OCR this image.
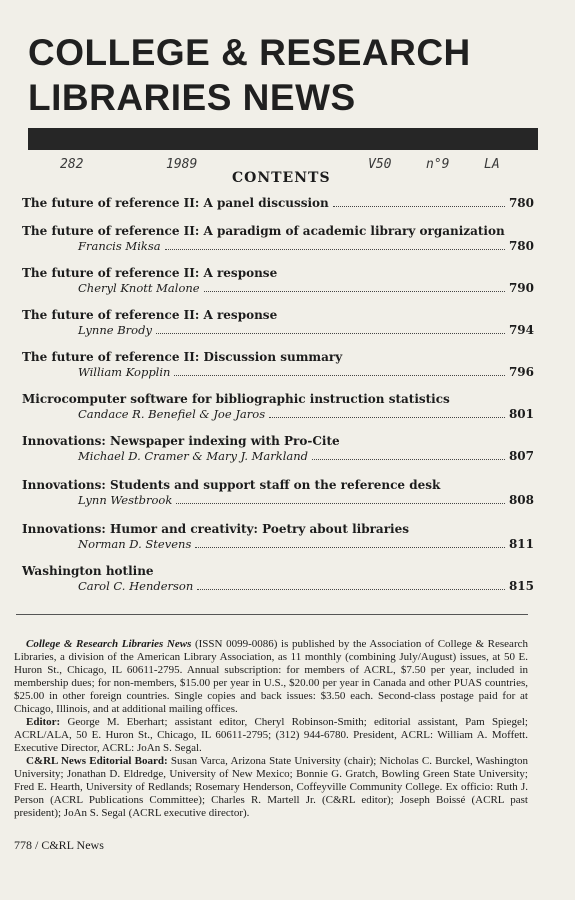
COLLEGE & RESEARCH
LIBRARIES NEWS
282	1989	V50	n°9	LA
CONTENTS
The future of reference II: A panel discussion	780
The future of reference II: A paradigm of academic library organization
Francis Miksa	780
The future of reference II: A response
Cheryl Knott Malone	790
The future of reference II: A response
Lynne Brody	794
The future of reference II: Discussion summary
William Kopplin	796
Microcomputer software for bibliographic instruction statistics
Candace R. Benefiel & Joe Jaros	801
Innovations: Newspaper indexing with Pro-Cite
Michael D. Cramer & Mary J. Markland	807
Innovations: Students and support staff on the reference desk
Lynn Westbrook	808
Innovations: Humor and creativity: Poetry about libraries
Norman D. Stevens	811
Washington hotline
Carol C. Henderson	815

College & Research Libraries News (ISSN 0099-0086) is published by the Association of College & Research Libraries, a division of the American Library Association, as 11 monthly (combining July/August) issues, at 50 E. Huron St., Chicago, IL 60611-2795. Annual subscription: for members of ACRL, $7.50 per year, included in membership dues; for non-members, $15.00 per year in U.S., $20.00 per year in Canada and other PUAS countries, $25.00 in other foreign countries. Single copies and back issues: $3.50 each. Second-class postage paid for at Chicago, Illinois, and at additional mailing offices.

Editor: George M. Eberhart; assistant editor, Cheryl Robinson-Smith; editorial assistant, Pam Spiegel; ACRL/ALA, 50 E. Huron St., Chicago, IL 60611-2795; (312) 944-6780. President, ACRL: William A. Moffett. Executive Director, ACRL: JoAn S. Segal.

C&RL News Editorial Board: Susan Varca, Arizona State University (chair); Nicholas C. Burckel, Washington University; Jonathan D. Eldredge, University of New Mexico; Bonnie G. Gratch, Bowling Green State University; Fred E. Hearth, University of Redlands; Rosemary Henderson, Coffeyville Community College. Ex officio: Ruth J. Person (ACRL Publications Committee); Charles R. Martell Jr. (C&RL editor); Joseph Boissé (ACRL past president); JoAn S. Segal (ACRL executive director).

778 / C&RL News
